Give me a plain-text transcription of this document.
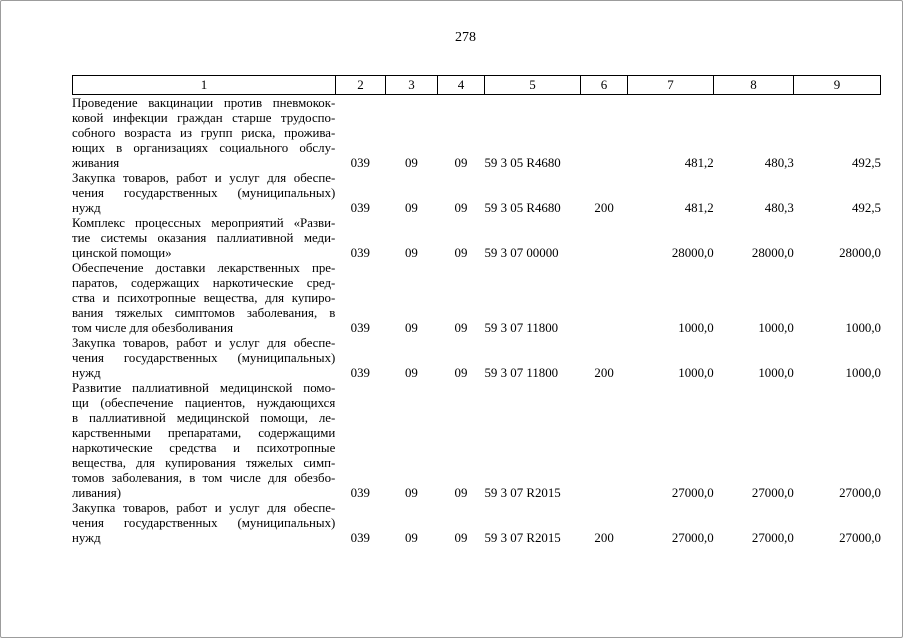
278
1	2	3	4	5	6	7	8	9
Проведение вакцинации против пневмокок-
ковой инфекции граждан старше трудоспо-
собного возраста из групп риска, прожива-
ющих в организациях социального обслу-
живания	039	09	09	59 3 05 R4680		481,2	480,3	492,5

Закупка товаров, работ и услуг для обеспе-
чения государственных (муниципальных)
нужд	039	09	09	59 3 05 R4680	200	481,2	480,3	492,5

Комплекс процессных мероприятий «Разви-
тие системы оказания паллиативной меди-
цинской помощи»	039	09	09	59 3 07 00000		28000,0	28000,0	28000,0

Обеспечение доставки лекарственных пре-
паратов, содержащих наркотические сред-
ства и психотропные вещества, для купиро-
вания тяжелых симптомов заболевания, в
том числе для обезболивания	039	09	09	59 3 07 11800		1000,0	1000,0	1000,0

Закупка товаров, работ и услуг для обеспе-
чения государственных (муниципальных)
нужд	039	09	09	59 3 07 11800	200	1000,0	1000,0	1000,0

Развитие паллиативной медицинской помо-
щи (обеспечение пациентов, нуждающихся
в паллиативной медицинской помощи, ле-
карственными препаратами, содержащими
наркотические средства и психотропные
вещества, для купирования тяжелых симп-
томов заболевания, в том числе для обезбо-
ливания)	039	09	09	59 3 07 R2015		27000,0	27000,0	27000,0

Закупка товаров, работ и услуг для обеспе-
чения государственных (муниципальных)
нужд	039	09	09	59 3 07 R2015	200	27000,0	27000,0	27000,0
